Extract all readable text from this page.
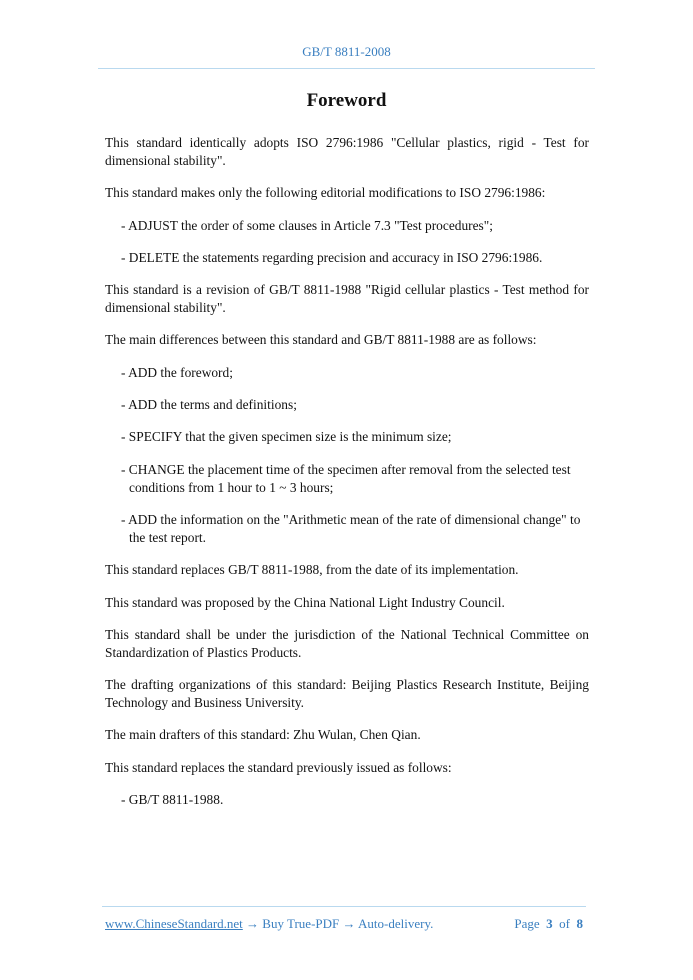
GB/T 8811-2008
Foreword

This standard identically adopts ISO 2796:1986 "Cellular plastics, rigid - Test for dimensional stability".

This standard makes only the following editorial modifications to ISO 2796:1986:

- ADJUST the order of some clauses in Article 7.3 "Test procedures";

- DELETE the statements regarding precision and accuracy in ISO 2796:1986.

This standard is a revision of GB/T 8811-1988 "Rigid cellular plastics - Test method for dimensional stability".

The main differences between this standard and GB/T 8811-1988 are as follows:

- ADD the foreword;

- ADD the terms and definitions;

- SPECIFY that the given specimen size is the minimum size;

- CHANGE the placement time of the specimen after removal from the selected test conditions from 1 hour to 1 ~ 3 hours;

- ADD the information on the "Arithmetic mean of the rate of dimensional change" to the test report.

This standard replaces GB/T 8811-1988, from the date of its implementation.

This standard was proposed by the China National Light Industry Council.

This standard shall be under the jurisdiction of the National Technical Committee on Standardization of Plastics Products.

The drafting organizations of this standard: Beijing Plastics Research Institute, Beijing Technology and Business University.

The main drafters of this standard: Zhu Wulan, Chen Qian.

This standard replaces the standard previously issued as follows:

- GB/T 8811-1988.

www.ChineseStandard.net → Buy True-PDF → Auto-delivery.	Page 3 of 8
